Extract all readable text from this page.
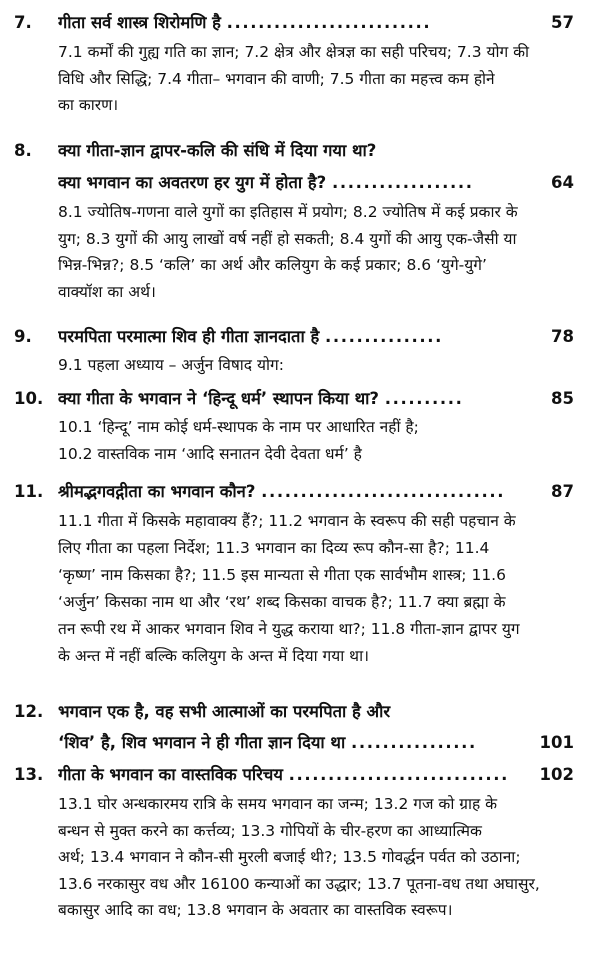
7. गीता सर्व शास्त्र शिरोमणि है ..........................	57
7.1 कर्मों की गुह्य गति का ज्ञान; 7.2 क्षेत्र और क्षेत्रज्ञ का सही परिचय; 7.3 योग की
विधि और सिद्धि; 7.4 गीता– भगवान की वाणी; 7.5 गीता का महत्त्व कम होने
का कारण।
8. क्या गीता-ज्ञान द्वापर-कलि की संधि में दिया गया था?
क्या भगवान का अवतरण हर युग में होता है? ..................	64
8.1 ज्योतिष-गणना वाले युगों का इतिहास में प्रयोग; 8.2 ज्योतिष में कई प्रकार के
युग; 8.3 युगों की आयु लाखों वर्ष नहीं हो सकती; 8.4 युगों की आयु एक-जैसी या
भिन्न-भिन्न?; 8.5 ‘कलि’ का अर्थ और कलियुग के कई प्रकार; 8.6 ‘युगे-युगे’
वाक्यॉश का अर्थ।
9. परमपिता परमात्मा शिव ही गीता ज्ञानदाता है ...............	78
9.1 पहला अध्याय – अर्जुन विषाद योग:
10. क्या गीता के भगवान ने ‘हिन्दू धर्म’ स्थापन किया था? ..........	85
10.1 ‘हिन्दू’ नाम कोई धर्म-स्थापक के नाम पर आधारित नहीं है;
10.2 वास्तविक नाम ‘आदि सनातन देवी देवता धर्म’ है
11. श्रीमद्भगवद्गीता का भगवान कौन? ...............................	87
11.1 गीता में किसके महावाक्य हैं?; 11.2 भगवान के स्वरूप की सही पहचान के
लिए गीता का पहला निर्देश; 11.3 भगवान का दिव्य रूप कौन-सा है?; 11.4
‘कृष्ण’ नाम किसका है?; 11.5 इस मान्यता से गीता एक सार्वभौम शास्त्र; 11.6
‘अर्जुन’ किसका नाम था और ‘रथ’ शब्द किसका वाचक है?; 11.7 क्या ब्रह्मा के
तन रूपी रथ में आकर भगवान शिव ने युद्ध कराया था?; 11.8 गीता-ज्ञान द्वापर युग
के अन्त में नहीं बल्कि कलियुग के अन्त में दिया गया था।
12. भगवान एक है, वह सभी आत्माओं का परमपिता है और
‘शिव’ है, शिव भगवान ने ही गीता ज्ञान दिया था ................	101
13. गीता के भगवान का वास्तविक परिचय ............................	102
13.1 घोर अन्धकारमय रात्रि के समय भगवान का जन्म; 13.2 गज को ग्राह के
बन्धन से मुक्त करने का कर्त्तव्य; 13.3 गोपियों के चीर-हरण का आध्यात्मिक
अर्थ; 13.4 भगवान ने कौन-सी मुरली बजाई थी?; 13.5 गोवर्द्धन पर्वत को उठाना;
13.6 नरकासुर वध और 16100 कन्याओं का उद्धार; 13.7 पूतना-वध तथा अघासुर,
बकासुर आदि का वध; 13.8 भगवान के अवतार का वास्तविक स्वरूप।
